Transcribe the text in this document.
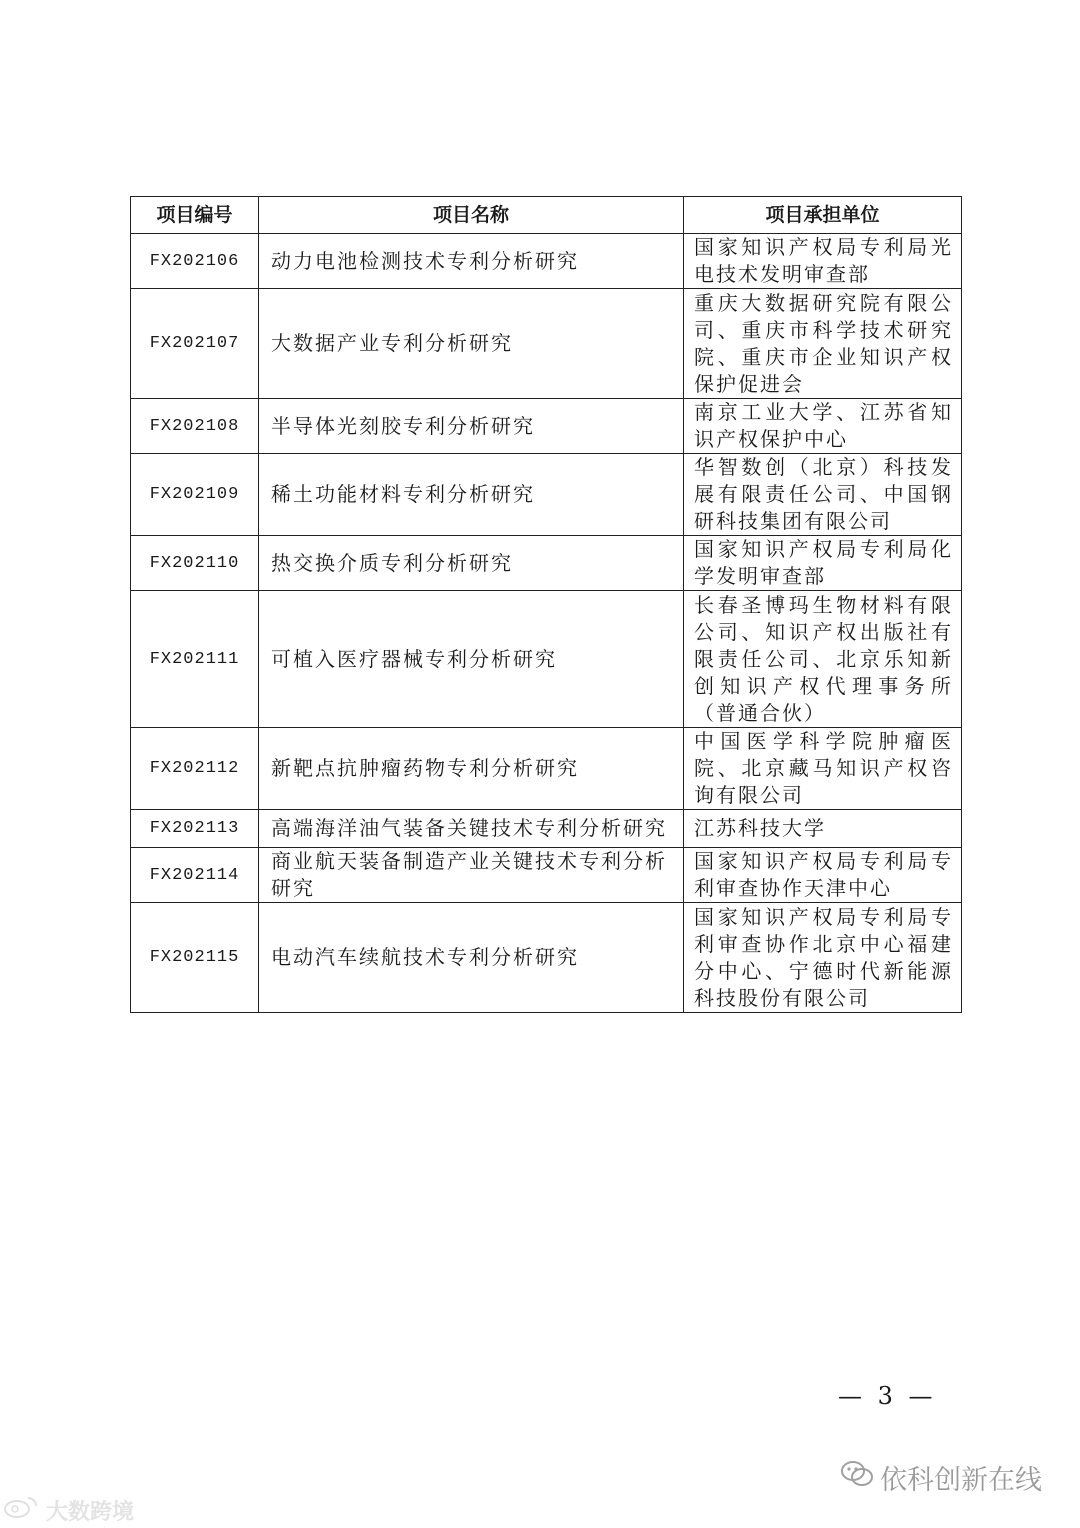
项目编号	项目名称	项目承担单位
FX202106	动力电池检测技术专利分析研究	国家知识产权局专利局光电技术发明审查部
FX202107	大数据产业专利分析研究	重庆大数据研究院有限公司、重庆市科学技术研究院、重庆市企业知识产权保护促进会
FX202108	半导体光刻胶专利分析研究	南京工业大学、江苏省知识产权保护中心
FX202109	稀土功能材料专利分析研究	华智数创（北京）科技发展有限责任公司、中国钢研科技集团有限公司
FX202110	热交换介质专利分析研究	国家知识产权局专利局化学发明审查部
FX202111	可植入医疗器械专利分析研究	长春圣博玛生物材料有限公司、知识产权出版社有限责任公司、北京乐知新创知识产权代理事务所（普通合伙）
FX202112	新靶点抗肿瘤药物专利分析研究	中国医学科学院肿瘤医院、北京藏马知识产权咨询有限公司
FX202113	高端海洋油气装备关键技术专利分析研究	江苏科技大学
FX202114	商业航天装备制造产业关键技术专利分析研究	国家知识产权局专利局专利审查协作天津中心
FX202115	电动汽车续航技术专利分析研究	国家知识产权局专利局专利审查协作北京中心福建分中心、宁德时代新能源科技股份有限公司
— 3 —
依科创新在线
大数跨境
